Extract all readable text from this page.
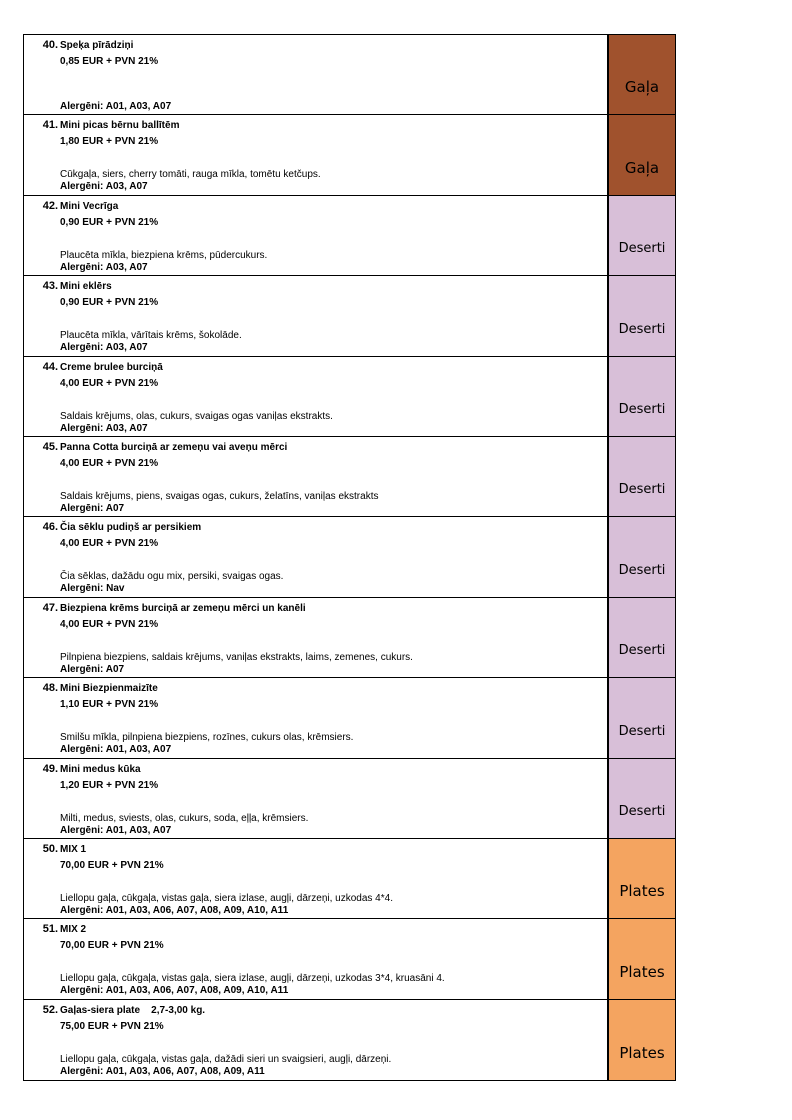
40. Speķa pīrādziņi
0,85 EUR + PVN 21%
Alergēni: A01, A03, A07
Gaļa
41. Mini picas bērnu ballītēm
1,80 EUR + PVN 21%
Cūkgaļa, siers, cherry tomāti, rauga mīkla, tomētu ketčups.
Alergēni: A03, A07
Gaļa
42. Mini Vecrīga
0,90 EUR + PVN 21%
Plaucēta mīkla, biezpiena krēms, pūdercukurs.
Alergēni: A03, A07
Deserti
43. Mini eklērs
0,90 EUR + PVN 21%
Plaucēta mīkla, vārītais krēms, šokolāde.
Alergēni: A03, A07
Deserti
44. Creme brulee burciņā
4,00 EUR + PVN 21%
Saldais krējums, olas, cukurs, svaigas ogas vaniļas ekstrakts.
Alergēni: A03, A07
Deserti
45. Panna Cotta burciņā ar zemeņu vai aveņu mērci
4,00 EUR + PVN 21%
Saldais krējums, piens, svaigas ogas, cukurs, želatīns, vaniļas ekstrakts
Alergēni: A07
Deserti
46. Čia sēklu pudiņš ar persikiem
4,00 EUR + PVN 21%
Čia sēklas, dažādu ogu mix, persiki, svaigas ogas.
Alergēni: Nav
Deserti
47. Biezpiena krēms burciņā ar zemeņu mērci un kanēli
4,00 EUR + PVN 21%
Pilnpiena biezpiens, saldais krējums, vaniļas ekstrakts, laims, zemenes, cukurs.
Alergēni: A07
Deserti
48. Mini Biezpienmaizīte
1,10 EUR + PVN 21%
Smilšu mīkla, pilnpiena biezpiens, rozīnes, cukurs olas, krēmsiers.
Alergēni: A01, A03, A07
Deserti
49. Mini medus kūka
1,20 EUR + PVN 21%
Milti, medus, sviests, olas, cukurs, soda, eļļa, krēmsiers.
Alergēni: A01, A03, A07
Deserti
50. MIX 1
70,00 EUR + PVN 21%
Liellopu gaļa, cūkgaļa, vistas gaļa, siera izlase, augļi, dārzeņi, uzkodas 4*4.
Alergēni: A01, A03, A06, A07, A08, A09, A10, A11
Plates
51. MIX 2
70,00 EUR + PVN 21%
Liellopu gaļa, cūkgaļa, vistas gaļa, siera izlase, augļi, dārzeņi, uzkodas 3*4, kruasāni 4.
Alergēni: A01, A03, A06, A07, A08, A09, A10, A11
Plates
52. Gaļas-siera plate    2,7-3,00 kg.
75,00 EUR + PVN 21%
Liellopu gaļa, cūkgaļa, vistas gaļa, dažādi sieri un svaigsieri, augļi, dārzeņi.
Alergēni: A01, A03, A06, A07, A08, A09, A11
Plates
